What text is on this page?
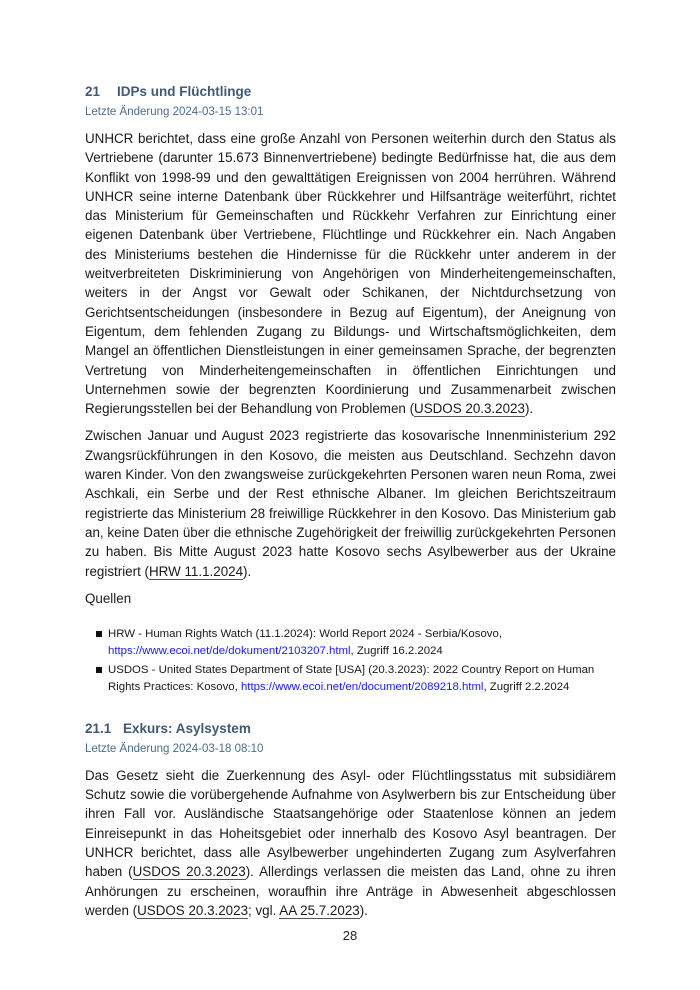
21 IDPs und Flüchtlinge
Letzte Änderung 2024-03-15 13:01

UNHCR berichtet, dass eine große Anzahl von Personen weiterhin durch den Status als Vertriebene (darunter 15.673 Binnenvertriebene) bedingte Bedürfnisse hat, die aus dem Konflikt von 1998-99 und den gewalttätigen Ereignissen von 2004 herrühren. Während UNHCR seine interne Datenbank über Rückkehrer und Hilfsanträge weiterführt, richtet das Ministerium für Gemeinschaften und Rückkehr Verfahren zur Einrichtung einer eigenen Datenbank über Vertriebene, Flüchtlinge und Rückkehrer ein. Nach Angaben des Ministeriums bestehen die Hindernisse für die Rückkehr unter anderem in der weitverbreiteten Diskriminierung von Angehörigen von Minderheitengemeinschaften, weiters in der Angst vor Gewalt oder Schikanen, der Nichtdurchsetzung von Gerichtsentscheidungen (insbesondere in Bezug auf Eigentum), der Aneignung von Eigentum, dem fehlenden Zugang zu Bildungs- und Wirtschaftsmöglichkeiten, dem Mangel an öffentlichen Dienstleistungen in einer gemeinsamen Sprache, der begrenzten Vertretung von Minderheitengemeinschaften in öffentlichen Einrichtungen und Unternehmen sowie der begrenzten Koordinierung und Zusammenarbeit zwischen Regierungsstellen bei der Behandlung von Problemen (USDOS 20.3.2023).

Zwischen Januar und August 2023 registrierte das kosovarische Innenministerium 292 Zwangsrückführungen in den Kosovo, die meisten aus Deutschland. Sechzehn davon waren Kinder. Von den zwangsweise zurückgekehrten Personen waren neun Roma, zwei Aschkali, ein Serbe und der Rest ethnische Albaner. Im gleichen Berichtszeitraum registrierte das Ministerium 28 freiwillige Rückkehrer in den Kosovo. Das Ministerium gab an, keine Daten über die ethnische Zugehörigkeit der freiwillig zurückgekehrten Personen zu haben. Bis Mitte August 2023 hatte Kosovo sechs Asylbewerber aus der Ukraine registriert (HRW 11.1.2024).

Quellen
HRW - Human Rights Watch (11.1.2024): World Report 2024 - Serbia/Kosovo, https://www.ecoi.net/de/dokument/2103207.html, Zugriff 16.2.2024
USDOS - United States Department of State [USA] (20.3.2023): 2022 Country Report on Human Rights Practices: Kosovo, https://www.ecoi.net/en/document/2089218.html, Zugriff 2.2.2024
21.1 Exkurs: Asylsystem
Letzte Änderung 2024-03-18 08:10

Das Gesetz sieht die Zuerkennung des Asyl- oder Flüchtlingsstatus mit subsidiärem Schutz sowie die vorübergehende Aufnahme von Asylwerbern bis zur Entscheidung über ihren Fall vor. Ausländische Staatsangehörige oder Staatenlose können an jedem Einreisepunkt in das Hoheitsgebiet oder innerhalb des Kosovo Asyl beantragen. Der UNHCR berichtet, dass alle Asylbewerber ungehinderten Zugang zum Asylverfahren haben (USDOS 20.3.2023). Allerdings verlassen die meisten das Land, ohne zu ihren Anhörungen zu erscheinen, woraufhin ihre Anträge in Abwesenheit abgeschlossen werden (USDOS 20.3.2023; vgl. AA 25.7.2023).

28
